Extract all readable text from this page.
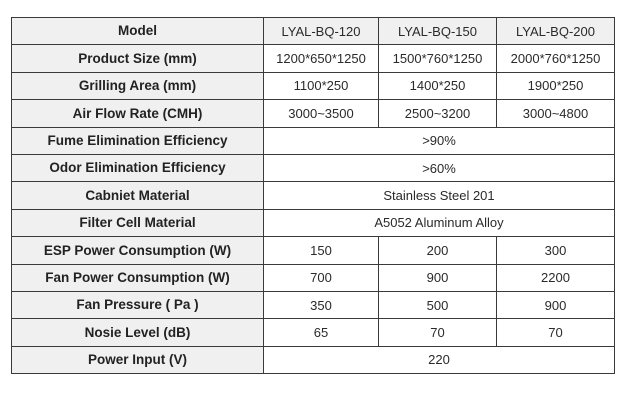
Model	LYAL-BQ-120	LYAL-BQ-150	LYAL-BQ-200
Product Size (mm)	1200*650*1250	1500*760*1250	2000*760*1250
Grilling Area (mm)	1100*250	1400*250	1900*250
Air Flow Rate (CMH)	3000~3500	2500~3200	3000~4800
Fume Elimination Efficiency	>90%		
Odor Elimination Efficiency	>60%		
Cabniet Material	Stainless Steel 201		
Filter Cell Material	A5052 Aluminum Alloy		
ESP Power Consumption (W)	150	200	300
Fan Power Consumption (W)	700	900	2200
Fan Pressure ( Pa )	350	500	900
Nosie Level (dB)	65	70	70
Power Input (V)	220		
